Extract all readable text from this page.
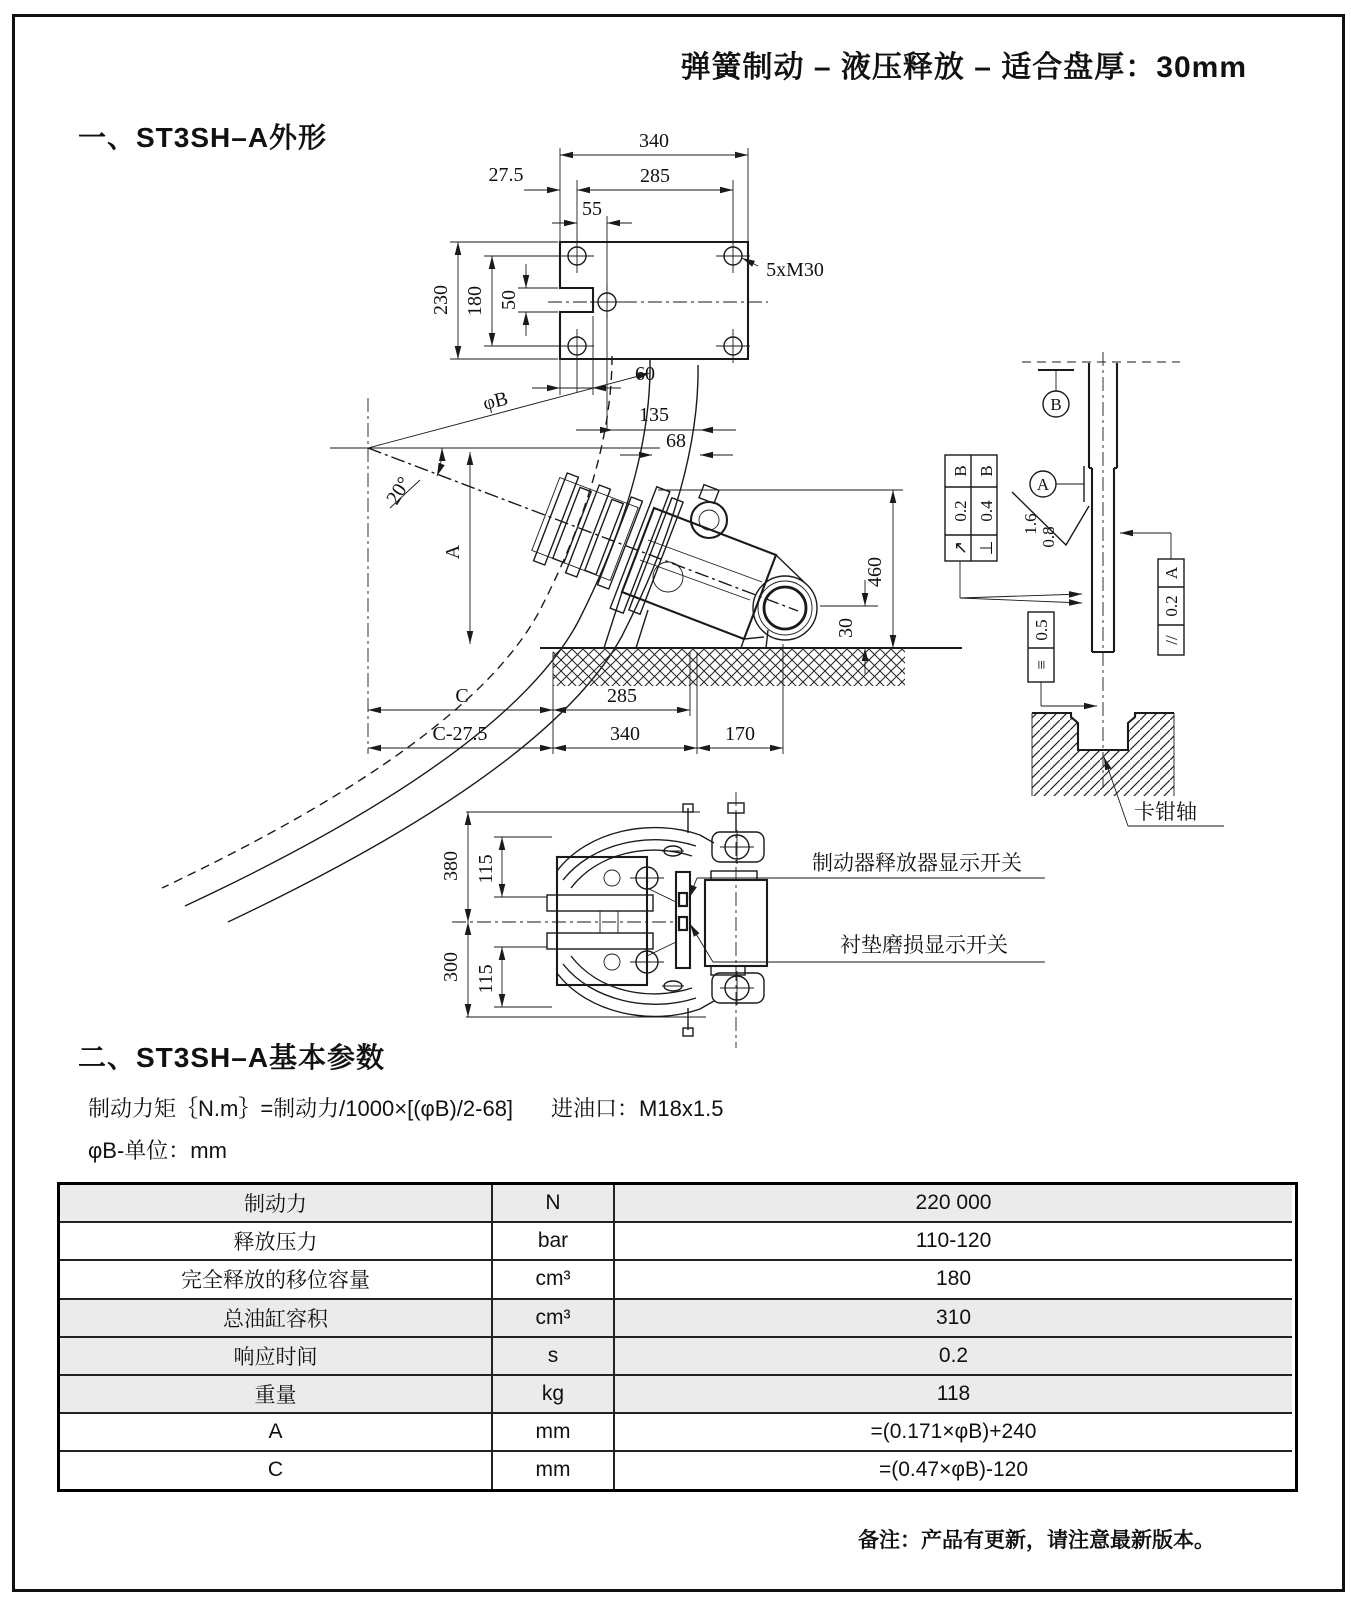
弹簧制动 – 液压释放 – 适合盘厚：30mm
一、ST3SH–A外形
二、ST3SH–A基本参数
制动力矩｛N.m｝=制动力/1000×[(φB)/2-68] 进油口：M18x1.5
φB-单位：mm
340
27.5	285
55
230 180 50
5xM30
60
φB
20°
A
135
68
460
30
C	285
C-27.5	340	170
B
A
↗
0.2
B
⊥
0.4
B
1.6
0.8
//
0.2
A
≡
0.5
卡钳轴
380
300
115
115
制动器释放器显示开关
衬垫磨损显示开关
制动力	N	220 000
释放压力	bar	110-120
完全释放的移位容量	cm³	180
总油缸容积	cm³	310
响应时间	s	0.2
重量	kg	118
A	mm	=(0.171×φB)+240
C	mm	=(0.47×φB)-120
备注：产品有更新，请注意最新版本。
